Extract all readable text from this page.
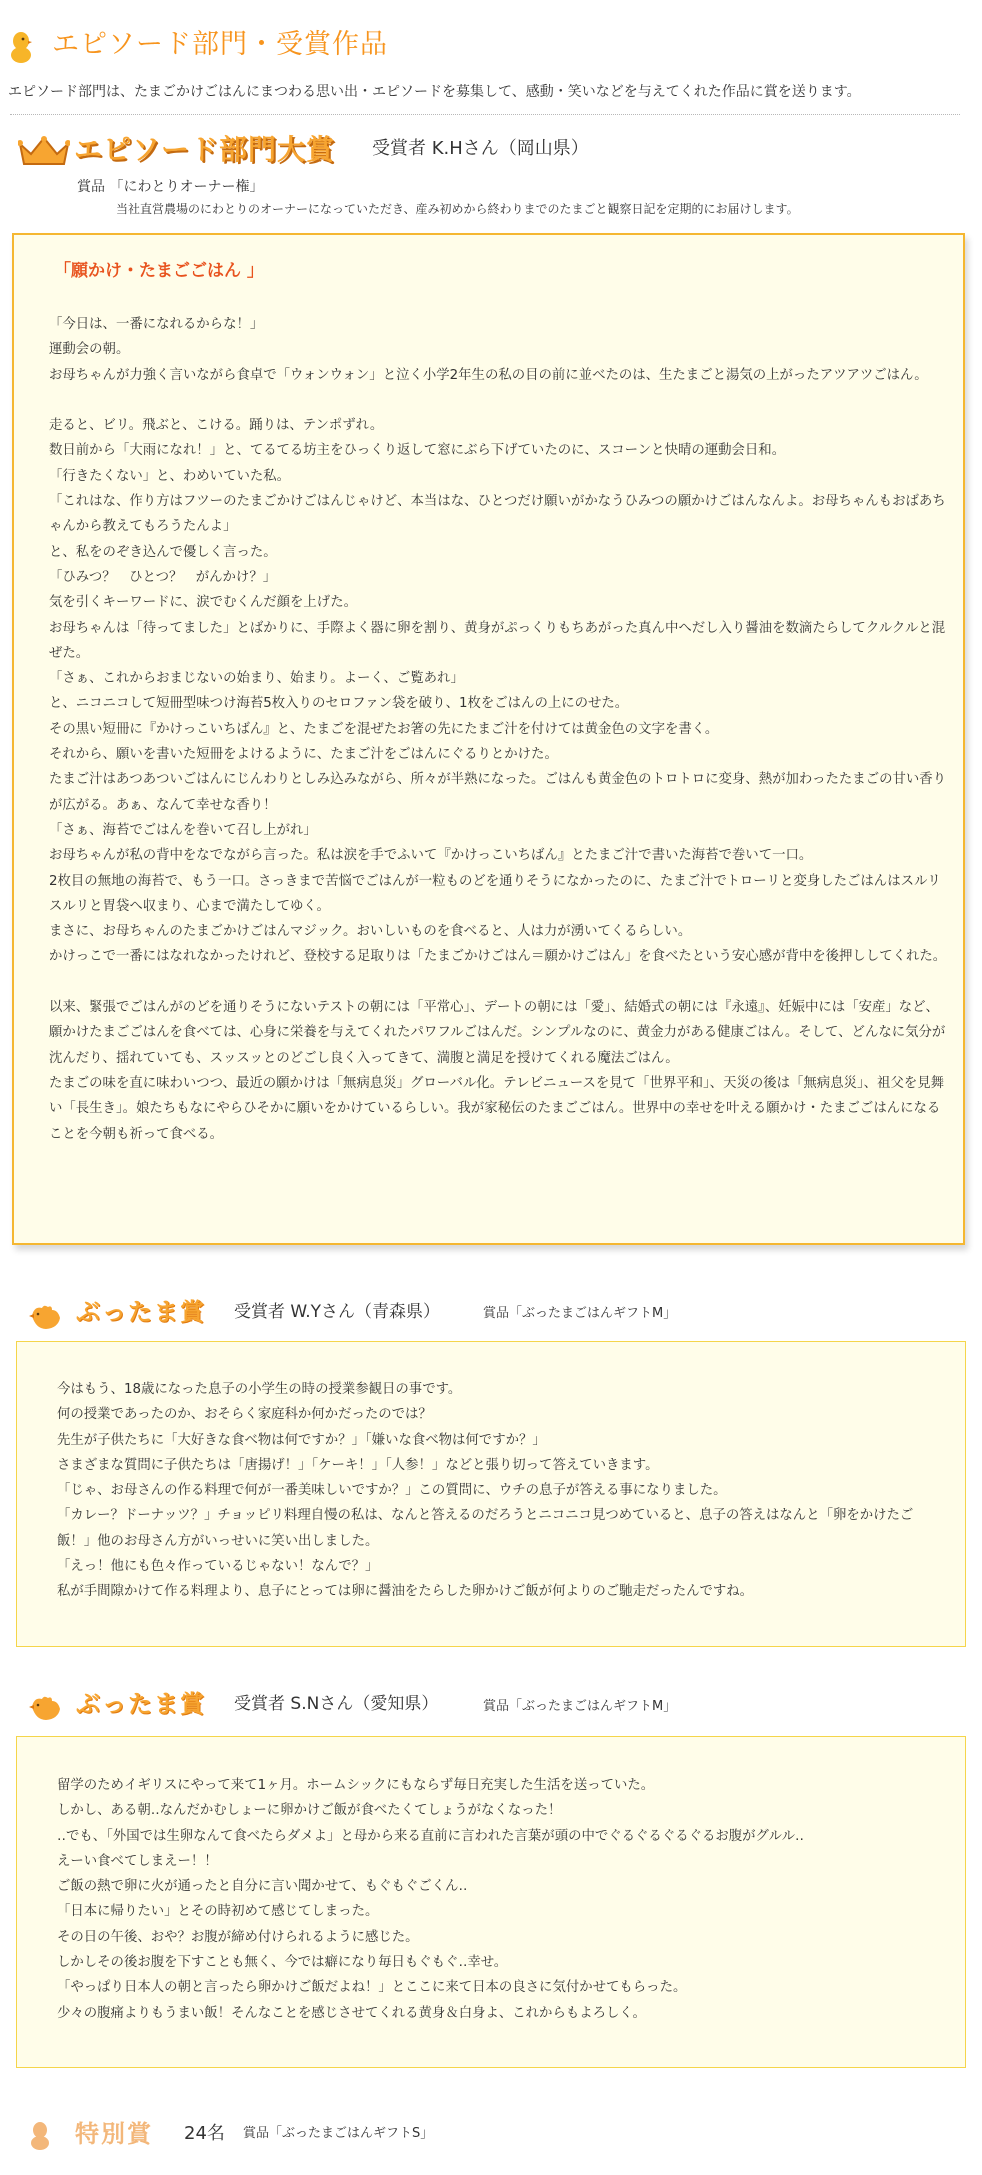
エピソード部門・受賞作品
エピソード部門は、たまごかけごはんにまつわる思い出・エピソードを募集して、感動・笑いなどを与えてくれた作品に賞を送ります。
エピソード部門大賞 受賞者 K.Hさん（岡山県）
賞品 「にわとりオーナー権」
当社直営農場のにわとりのオーナーになっていただき、産み初めから終わりまでのたまごと観察日記を定期的にお届けします。
「願かけ・たまごごはん 」

「今日は、一番になれるからな！」

運動会の朝。

お母ちゃんが力強く言いながら食卓で「ウォンウォン」と泣く小学2年生の私の目の前に並べたのは、生たまごと湯気の上がったアツアツごはん。

走ると、ビリ。飛ぶと、こける。踊りは、テンポずれ。

数日前から「大雨になれ！」と、てるてる坊主をひっくり返して窓にぶら下げていたのに、スコーンと快晴の運動会日和。

「行きたくない」と、わめいていた私。

「これはな、作り方はフツーのたまごかけごはんじゃけど、本当はな、ひとつだけ願いがかなうひみつの願かけごはんなんよ。お母ちゃんもおばあちゃんから教えてもろうたんよ」

と、私をのぞき込んで優しく言った。

「ひみつ？　ひとつ？　がんかけ？」

気を引くキーワードに、涙でむくんだ顔を上げた。

お母ちゃんは「待ってました」とばかりに、手際よく器に卵を割り、黄身がぷっくりもちあがった真ん中へだし入り醤油を数滴たらしてクルクルと混ぜた。

「さぁ、これからおまじないの始まり、始まり。よーく、ご覧あれ」

と、ニコニコして短冊型味つけ海苔5枚入りのセロファン袋を破り、1枚をごはんの上にのせた。

その黒い短冊に『かけっこいちばん』と、たまごを混ぜたお箸の先にたまご汁を付けては黄金色の文字を書く。

それから、願いを書いた短冊をよけるように、たまご汁をごはんにぐるりとかけた。

たまご汁はあつあついごはんにじんわりとしみ込みながら、所々が半熟になった。ごはんも黄金色のトロトロに変身、熱が加わったたまごの甘い香りが広がる。あぁ、なんて幸せな香り！

「さぁ、海苔でごはんを巻いて召し上がれ」

お母ちゃんが私の背中をなでながら言った。私は涙を手でふいて『かけっこいちばん』とたまご汁で書いた海苔で巻いて一口。

2枚目の無地の海苔で、もう一口。さっきまで苦悩でごはんが一粒ものどを通りそうになかったのに、たまご汁でトローリと変身したごはんはスルリスルリと胃袋へ収まり、心まで満たしてゆく。

まさに、お母ちゃんのたまごかけごはんマジック。おいしいものを食べると、人は力が湧いてくるらしい。

かけっこで一番にはなれなかったけれど、登校する足取りは「たまごかけごはん＝願かけごはん」を食べたという安心感が背中を後押ししてくれた。

以来、緊張でごはんがのどを通りそうにないテストの朝には「平常心」、デートの朝には「愛」、結婚式の朝には『永遠』、妊娠中には「安産」など、願かけたまごごはんを食べては、心身に栄養を与えてくれたパワフルごはんだ。シンプルなのに、黄金力がある健康ごはん。そして、どんなに気分が沈んだり、揺れていても、スッスッとのどごし良く入ってきて、満腹と満足を授けてくれる魔法ごはん。

たまごの味を直に味わいつつ、最近の願かけは「無病息災」グローバル化。テレビニュースを見て「世界平和」、天災の後は「無病息災」、祖父を見舞い「長生き」。娘たちもなにやらひそかに願いをかけているらしい。我が家秘伝のたまごごはん。世界中の幸せを叶える願かけ・たまごごはんになることを今朝も祈って食べる。

ぶったま賞 受賞者 W.Yさん（青森県）	賞品「ぶったまごはんギフトM」

今はもう、18歳になった息子の小学生の時の授業参観日の事です。

何の授業であったのか、おそらく家庭科か何かだったのでは？

先生が子供たちに「大好きな食べ物は何ですか？」「嫌いな食べ物は何ですか？」

さまざまな質問に子供たちは「唐揚げ！」「ケーキ！」「人参！」などと張り切って答えていきます。

「じゃ、お母さんの作る料理で何が一番美味しいですか？」この質問に、ウチの息子が答える事になりました。

「カレー？ドーナッツ？」チョッピリ料理自慢の私は、なんと答えるのだろうとニコニコ見つめていると、息子の答えはなんと「卵をかけたご飯！」他のお母さん方がいっせいに笑い出しました。

「えっ！他にも色々作っているじゃない！なんで？」

私が手間隙かけて作る料理より、息子にとっては卵に醤油をたらした卵かけご飯が何よりのご馳走だったんですね。

ぶったま賞 受賞者 S.Nさん（愛知県）	賞品「ぶったまごはんギフトM」

留学のためイギリスにやって来て1ヶ月。ホームシックにもならず毎日充実した生活を送っていた。

しかし、ある朝‥なんだかむしょーに卵かけご飯が食べたくてしょうがなくなった！

‥でも、「外国では生卵なんて食べたらダメよ」と母から来る直前に言われた言葉が頭の中でぐるぐるぐるぐるお腹がグルル‥

えーい食べてしまえー！！

ご飯の熱で卵に火が通ったと自分に言い聞かせて、もぐもぐごくん‥

「日本に帰りたい」とその時初めて感じてしまった。

その日の午後、おや？お腹が締め付けられるように感じた。

しかしその後お腹を下すことも無く、今では癖になり毎日もぐもぐ‥幸せ。

「やっぱり日本人の朝と言ったら卵かけご飯だよね！」とここに来て日本の良さに気付かせてもらった。

少々の腹痛よりもうまい飯！そんなことを感じさせてくれる黄身＆白身よ、これからもよろしく。

特別賞 24名 賞品「ぶったまごはんギフトS」
